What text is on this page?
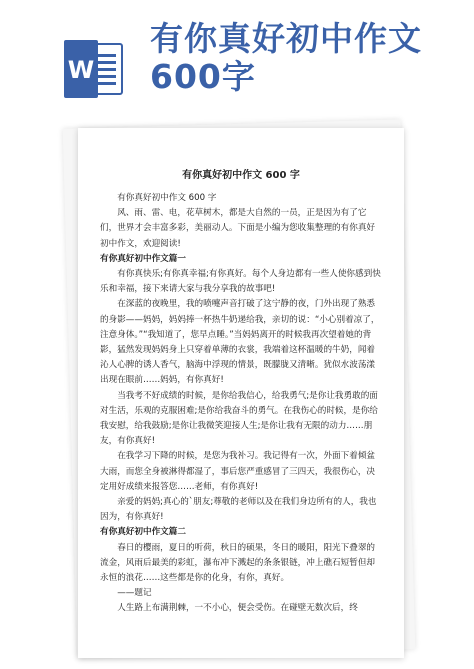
W
有你真好初中作文
600字
有你真好初中作文 600 字

有你真好初中作文 600 字

风、雨、雷、电，花草树木，都是大自然的一员，正是因为有了它们，世界才会丰富多彩，美丽动人。下面是小编为您收集整理的有你真好初中作文，欢迎阅读!

有你真好初中作文篇一

有你真快乐;有你真幸福;有你真好。每个人身边都有一些人使你感到快乐和幸福，接下来请大家与我分享我的故事吧!

在深蓝的夜晚里，我的喷嚏声音打破了这宁静的夜，门外出现了熟悉的身影——妈妈，妈妈捧一杯热牛奶递给我，亲切的说：“小心别着凉了，注意身体。”“我知道了，您早点睡。”当妈妈离开的时候我再次望着她的背影，猛然发现妈妈身上只穿着单薄的衣裳，我端着这杯温暖的牛奶，闻着沁人心脾的诱人香气，脑海中浮现的情景，既朦胧又清晰。犹似水波荡漾出现在眼前……妈妈，有你真好!

当我考不好成绩的时候，是你给我信心，给我勇气;是你让我勇敢的面对生活，乐观的克服困难;是你给我奋斗的勇气。在我伤心的时候，是你给我安慰，给我鼓励;是你让我微笑迎接人生;是你让我有无限的动力……朋友，有你真好!

在我学习下降的时候，是您为我补习。我记得有一次，外面下着倾盆大雨，而您全身被淋得都湿了，事后您严重感冒了三四天，我很伤心，决定用好成绩来报答您……老师，有你真好!

亲爱的妈妈;真心的`朋友;尊敬的老师以及在我们身边所有的人，我也因为，有你真好!

有你真好初中作文篇二

春日的樱雨，夏日的听荷，秋日的硕果，冬日的暖阳，阳光下叠翠的流金，风雨后最美的彩虹，瀑布冲下溅起的条条银链，冲上礁石短暂但却永恒的浪花……这些都是你的化身，有你，真好。

——题记

人生路上布满荆棘，一不小心，便会受伤。在碰壁无数次后，终
